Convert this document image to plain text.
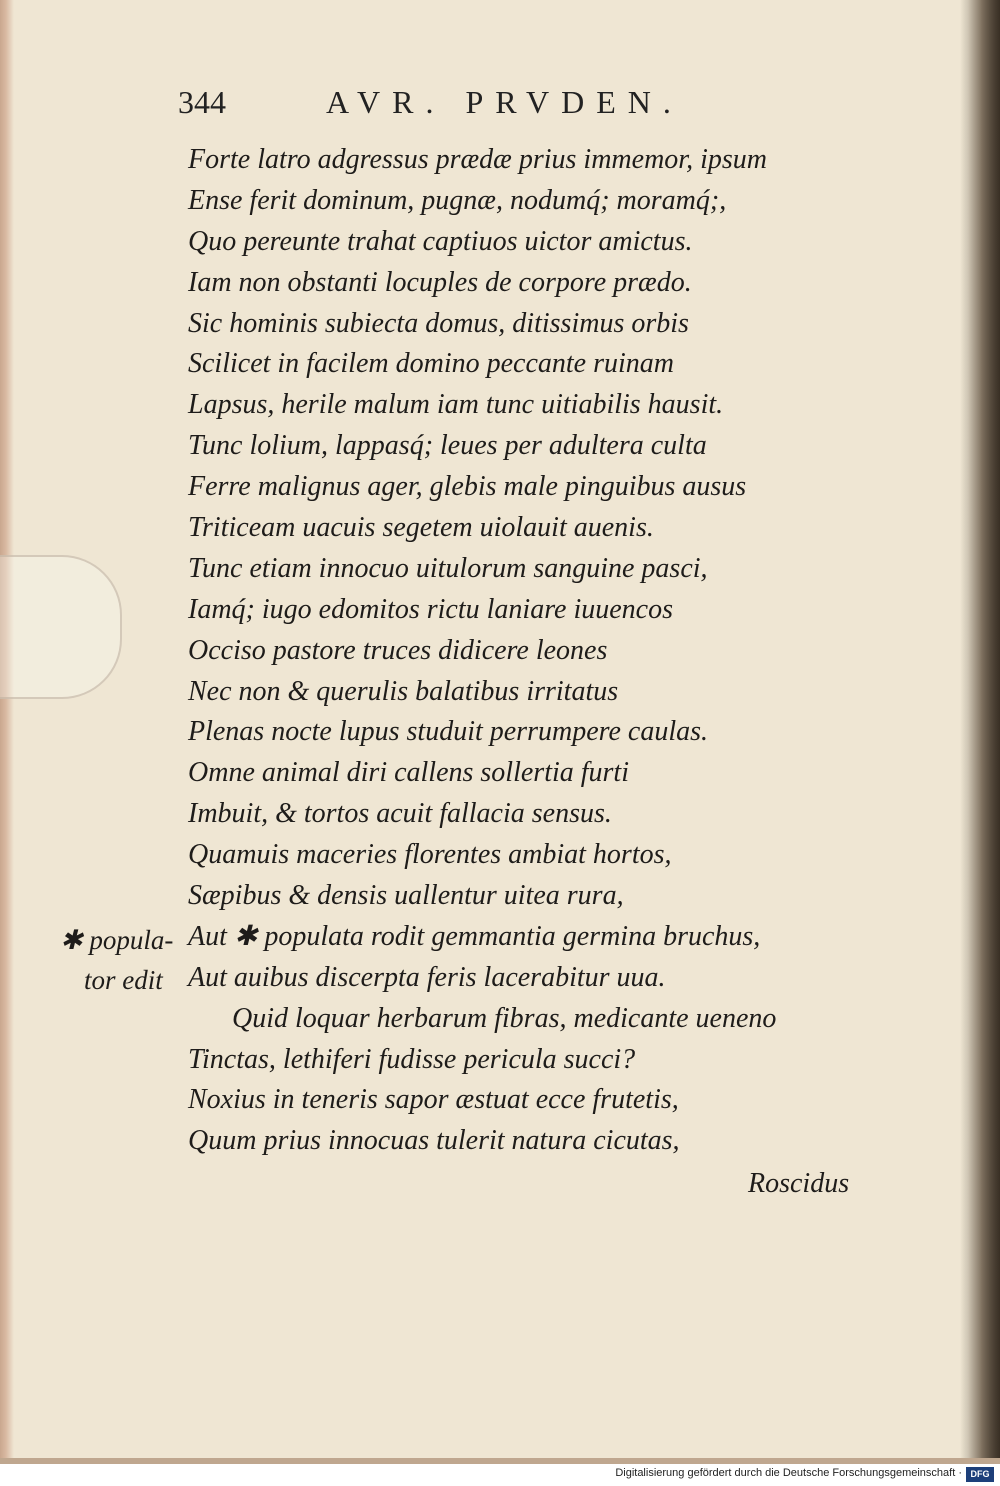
344	AVR. PRVDEN.
Forte latro adgressus prædæ prius immemor, ipsum
Ense ferit dominum, pugnæ, nodumq́; moramq́;,
Quo pereunte trahat captiuos uictor amictus.
Iam non obstanti locuples de corpore prædo.
Sic hominis subiecta domus, ditissimus orbis
Scilicet in facilem domino peccante ruinam
Lapsus, herile malum iam tunc uitiabilis hausit.
Tunc lolium, lappasq́; leues per adultera culta
Ferre malignus ager, glebis male pinguibus ausus
Triticeam uacuis segetem uiolauit auenis.
Tunc etiam innocuo uitulorum sanguine pasci,
Iamq́; iugo edomitos rictu laniare iuuencos
Occiso pastore truces didicere leones
Nec non & querulis balatibus irritatus
Plenas nocte lupus studuit perrumpere caulas.
Omne animal diri callens sollertia furti
Imbuit, & tortos acuit fallacia sensus.
Quamuis maceries florentes ambiat hortos,
Sæpibus & densis uallentur uitea rura,
Aut ✱ populata rodit gemmantia germina bruchus,
Aut auibus discerpta feris lacerabitur uua.
Quid loquar herbarum fibras, medicante ueneno
Tinctas, lethiferi fudisse pericula succi?
Noxius in teneris sapor æstuat ecce frutetis,
Quum prius innocuas tulerit natura cicutas,
✱ popula-
tor edit
Roscidus
Digitalisierung gefördert durch die Deutsche Forschungsgemeinschaft · DFG
